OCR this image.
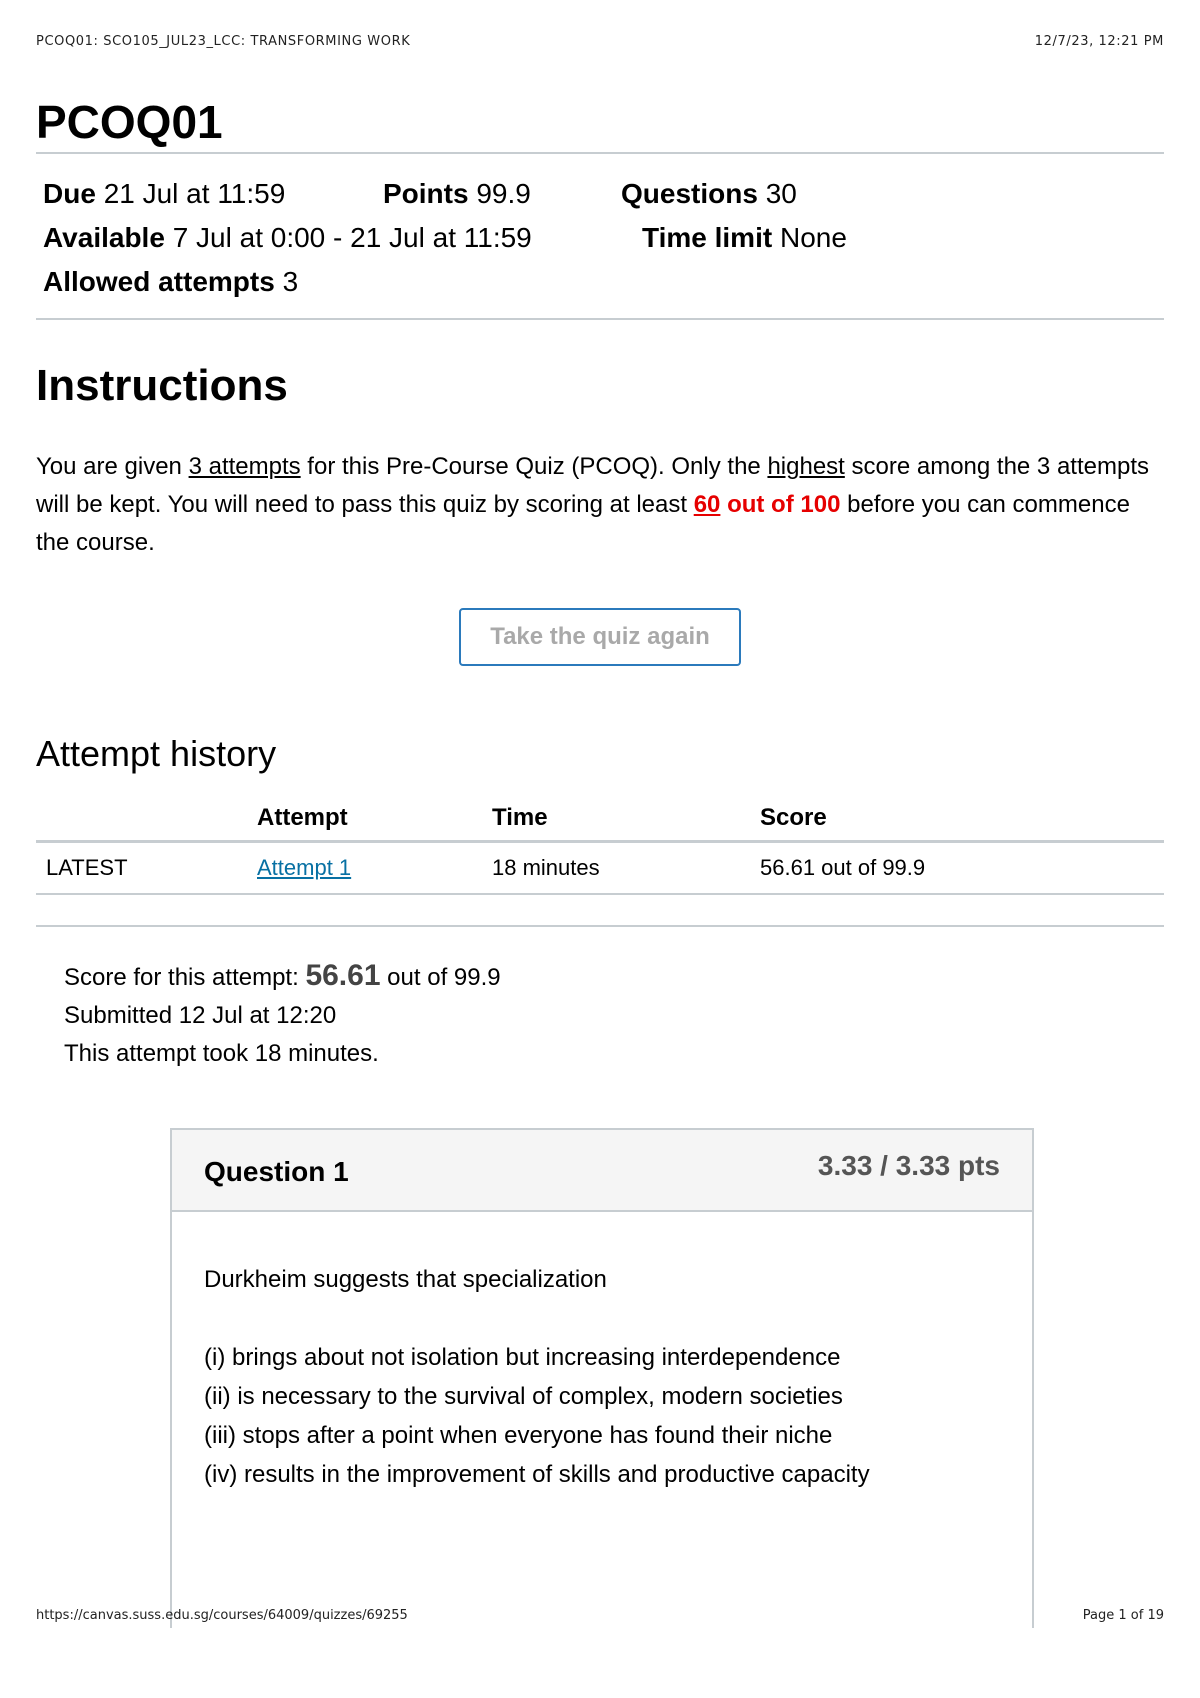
PCOQ01: SCO105_JUL23_LCC: TRANSFORMING WORK	12/7/23, 12:21 PM
PCOQ01
Due 21 Jul at 11:59	Points 99.9	Questions 30
Available 7 Jul at 0:00 - 21 Jul at 11:59	Time limit None
Allowed attempts 3
Instructions
You are given 3 attempts for this Pre-Course Quiz (PCOQ). Only the highest score among the 3 attempts will be kept. You will need to pass this quiz by scoring at least 60 out of 100 before you can commence the course.
Take the quiz again
Attempt history
	Attempt	Time	Score
LATEST	Attempt 1	18 minutes	56.61 out of 99.9
Score for this attempt: 56.61 out of 99.9
Submitted 12 Jul at 12:20
This attempt took 18 minutes.
Question 1	3.33 / 3.33 pts
Durkheim suggests that specialization
(i) brings about not isolation but increasing interdependence
(ii) is necessary to the survival of complex, modern societies
(iii) stops after a point when everyone has found their niche
(iv) results in the improvement of skills and productive capacity
https://canvas.suss.edu.sg/courses/64009/quizzes/69255	Page 1 of 19
